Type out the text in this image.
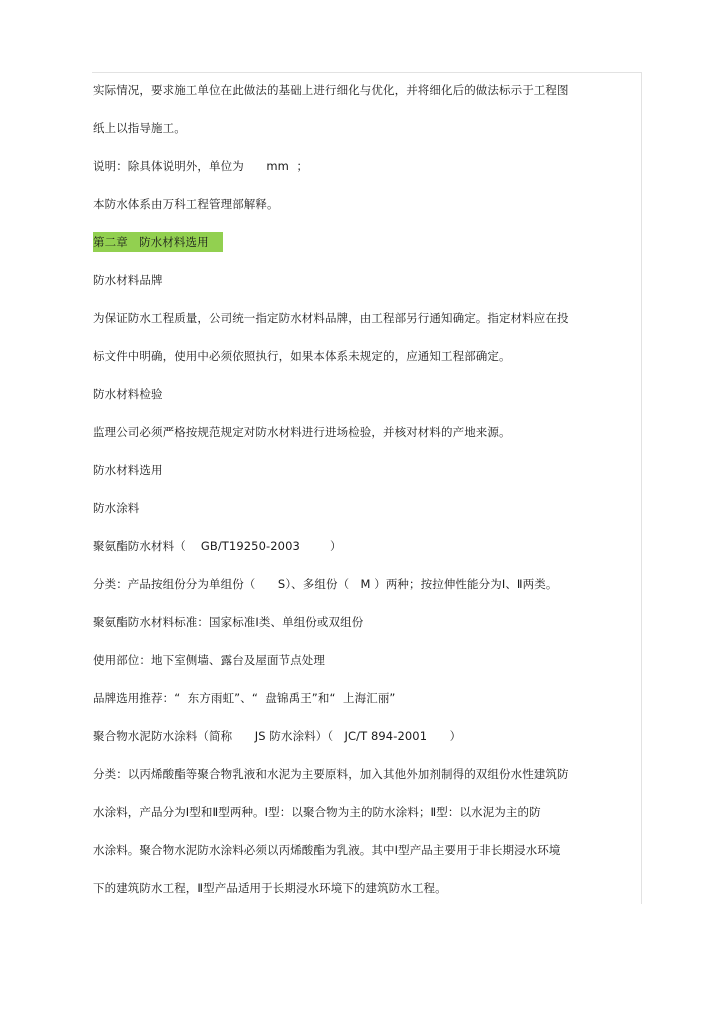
实际情况，要求施工单位在此做法的基础上进行细化与优化，并将细化后的做法标示于工程图
纸上以指导施工。
说明：除具体说明外，单位为      mm  ；
本防水体系由万科工程管理部解释。
第二章   防水材料选用
防水材料品牌
为保证防水工程质量，公司统一指定防水材料品牌，由工程部另行通知确定。指定材料应在投
标文件中明确，使用中必须依照执行，如果本体系未规定的，应通知工程部确定。
防水材料检验
监理公司必须严格按规范规定对防水材料进行进场检验，并核对材料的产地来源。
防水材料选用
防水涂料
聚氨酯防水材料（    GB/T19250-2003        ）
分类：产品按组份分为单组份（      S）、多组份（   M ）两种；按拉伸性能分为Ⅰ、Ⅱ两类。
聚氨酯防水材料标准：国家标准Ⅰ类、单组份或双组份
使用部位：地下室侧墙、露台及屋面节点处理
品牌选用推荐：“  东方雨虹”、“  盘锦禹王”和“  上海汇丽”
聚合物水泥防水涂料（简称      JS 防水涂料）（   JC/T 894-2001      ）
分类：以丙烯酸酯等聚合物乳液和水泥为主要原料，加入其他外加剂制得的双组份水性建筑防
水涂料，产品分为Ⅰ型和Ⅱ型两种。Ⅰ型：以聚合物为主的防水涂料；Ⅱ型：以水泥为主的防
水涂料。聚合物水泥防水涂料必须以丙烯酸酯为乳液。其中Ⅰ型产品主要用于非长期浸水环境
下的建筑防水工程，Ⅱ型产品适用于长期浸水环境下的建筑防水工程。
